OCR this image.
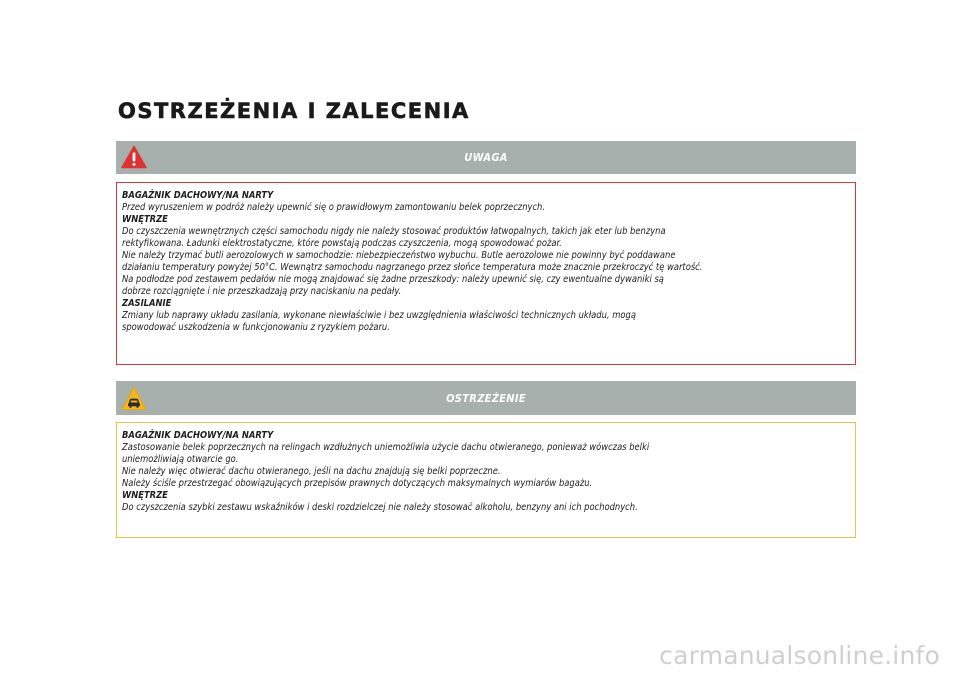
OSTRZEŻENIA I ZALECENIA
UWAGA

BAGAŻNIK DACHOWY/NA NARTY

Przed wyruszeniem w podróż należy upewnić się o prawidłowym zamontowaniu belek poprzecznych.

WNĘTRZE

Do czyszczenia wewnętrznych części samochodu nigdy nie należy stosować produktów łatwopalnych, takich jak eter lub benzyna

rektyfikowana. Ładunki elektrostatyczne, które powstają podczas czyszczenia, mogą spowodować pożar.

Nie należy trzymać butli aerozolowych w samochodzie: niebezpieczeństwo wybuchu. Butle aerozolowe nie powinny być poddawane

działaniu temperatury powyżej 50°C. Wewnątrz samochodu nagrzanego przez słońce temperatura może znacznie przekroczyć tę wartość.

Na podłodze pod zestawem pedałów nie mogą znajdować się żadne przeszkody: należy upewnić się, czy ewentualne dywaniki są

dobrze rozciągnięte i nie przeszkadzają przy naciskaniu na pedały.

ZASILANIE

Zmiany lub naprawy układu zasilania, wykonane niewłaściwie i bez uwzględnienia właściwości technicznych układu, mogą

spowodować uszkodzenia w funkcjonowaniu z ryzykiem pożaru.

OSTRZEŻENIE

BAGAŻNIK DACHOWY/NA NARTY

Zastosowanie belek poprzecznych na relingach wzdłużnych uniemożliwia użycie dachu otwieranego, ponieważ wówczas belki

uniemożliwiają otwarcie go.

Nie należy więc otwierać dachu otwieranego, jeśli na dachu znajdują się belki poprzeczne.

Należy ściśle przestrzegać obowiązujących przepisów prawnych dotyczących maksymalnych wymiarów bagażu.

WNĘTRZE

Do czyszczenia szybki zestawu wskaźników i deski rozdzielczej nie należy stosować alkoholu, benzyny ani ich pochodnych.

carmanualsonline.info
